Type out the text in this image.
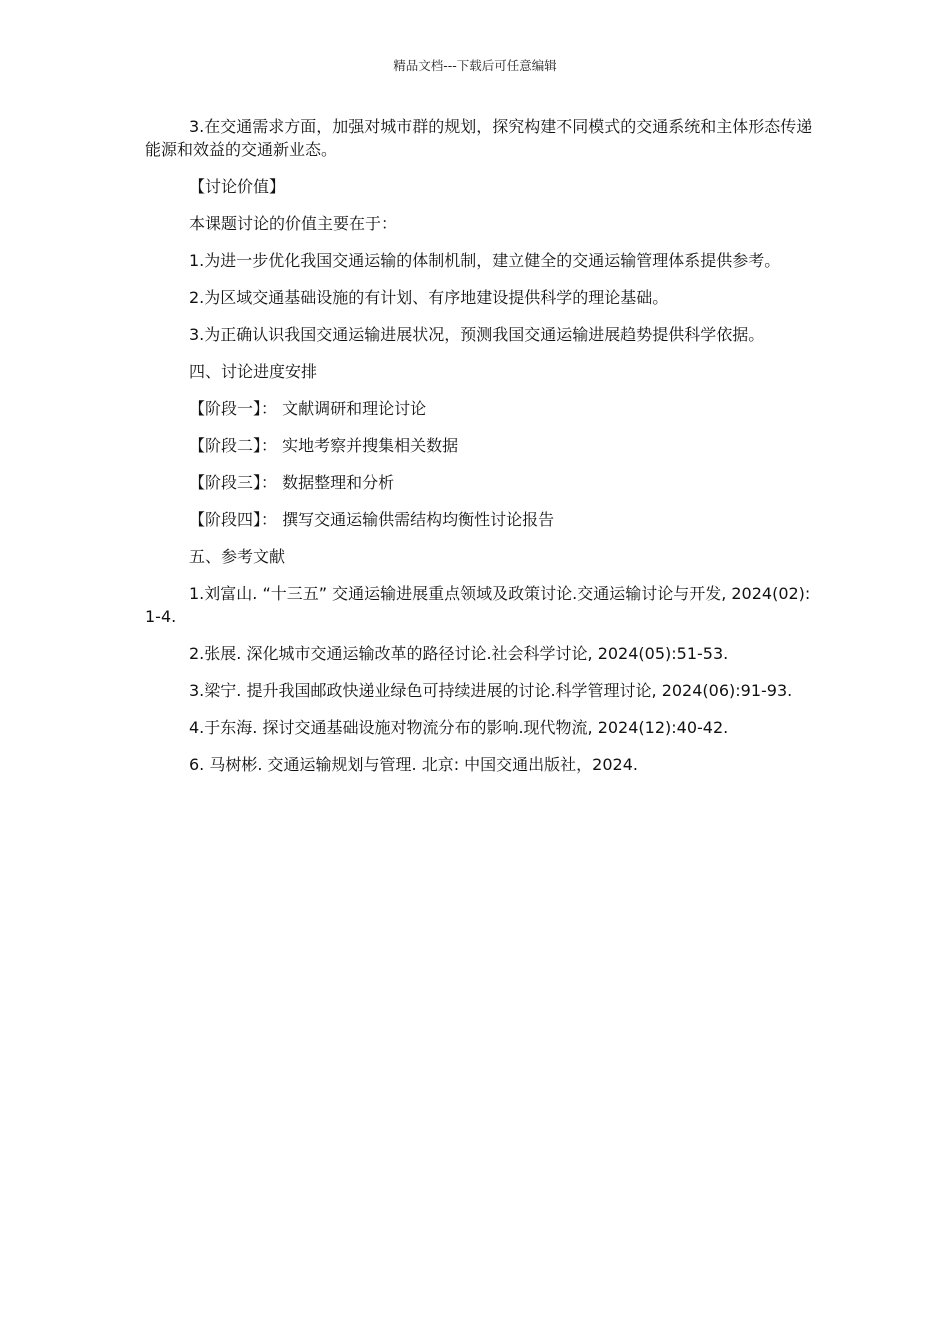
精品文档---下载后可任意编辑

3.在交通需求方面，加强对城市群的规划，探究构建不同模式的交通系统和主体形态传递能源和效益的交通新业态。

【讨论价值】

本课题讨论的价值主要在于：

1.为进一步优化我国交通运输的体制机制，建立健全的交通运输管理体系提供参考。

2.为区域交通基础设施的有计划、有序地建设提供科学的理论基础。

3.为正确认识我国交通运输进展状况，预测我国交通运输进展趋势提供科学依据。

四、讨论进度安排

【阶段一】： 文献调研和理论讨论

【阶段二】： 实地考察并搜集相关数据

【阶段三】： 数据整理和分析

【阶段四】： 撰写交通运输供需结构均衡性讨论报告

五、参考文献

1.刘富山. “十三五” 交通运输进展重点领域及政策讨论.交通运输讨论与开发, 2024(02):1-4.

2.张展. 深化城市交通运输改革的路径讨论.社会科学讨论, 2024(05):51-53.

3.梁宁. 提升我国邮政快递业绿色可持续进展的讨论.科学管理讨论, 2024(06):91-93.

4.于东海. 探讨交通基础设施对物流分布的影响.现代物流, 2024(12):40-42.

6. 马树彬. 交通运输规划与管理. 北京: 中国交通出版社，2024.
